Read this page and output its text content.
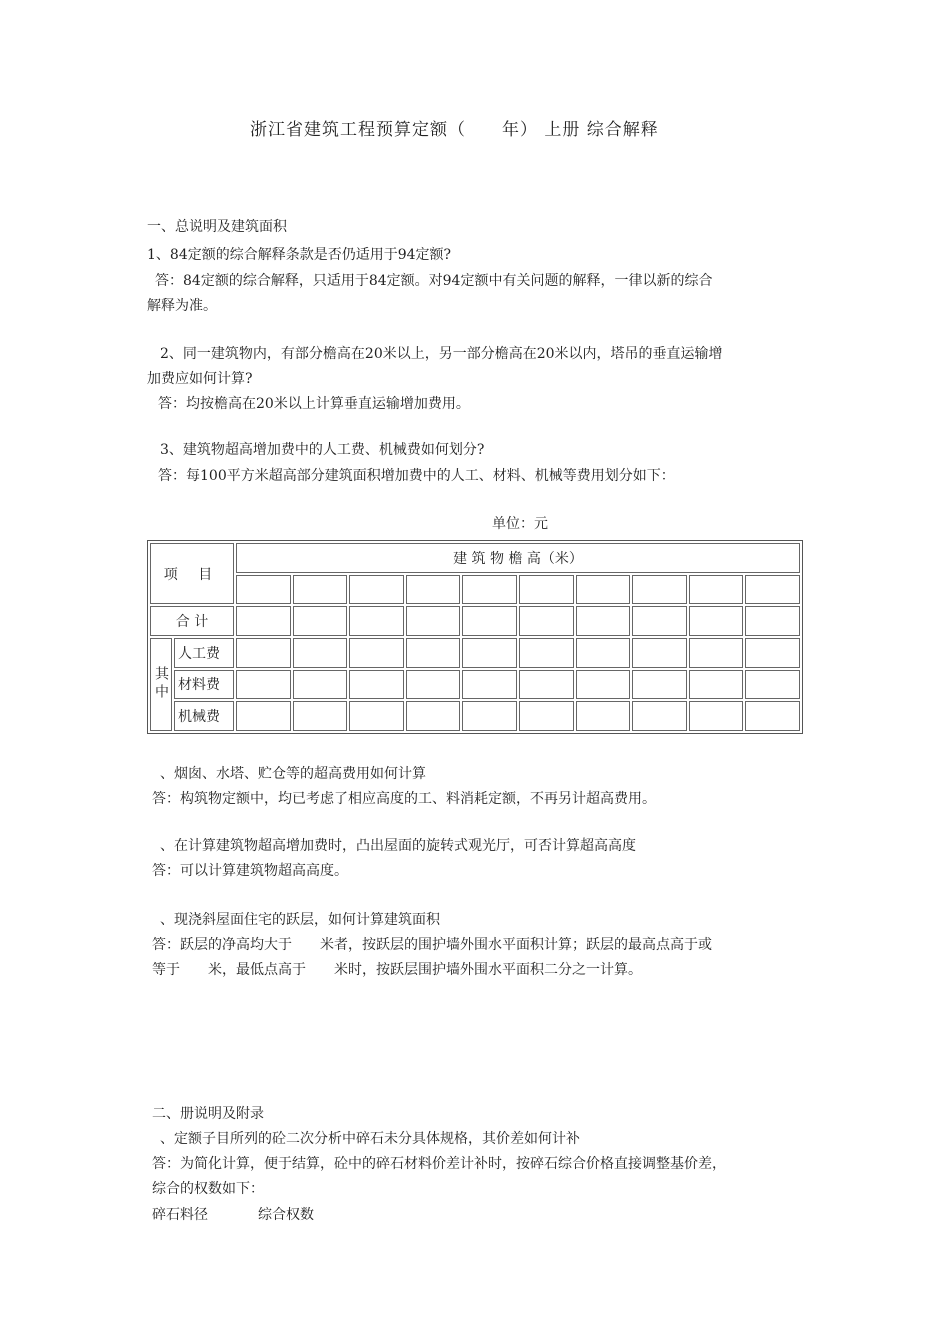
浙江省建筑工程预算定额（　　年） 上册 综合解释
一、总说明及建筑面积
1、84定额的综合解释条款是否仍适用于94定额?
答：84定额的综合解释，只适用于84定额。对94定额中有关问题的解释，一律以新的综合
解释为准。
2、同一建筑物内，有部分檐高在20米以上，另一部分檐高在20米以内，塔吊的垂直运输增
加费应如何计算?
答：均按檐高在20米以上计算垂直运输增加费用。
3、建筑物超高增加费中的人工费、机械费如何划分?
答：每100平方米超高部分建筑面积增加费中的人工、材料、机械等费用划分如下：
单位：元
项 目		建 筑 物 檐 高（米）									

合 计											
其中	人工费										
	材料费										
	机械费										
、烟囱、水塔、贮仓等的超高费用如何计算
答：构筑物定额中，均已考虑了相应高度的工、料消耗定额，不再另计超高费用。
、在计算建筑物超高增加费时，凸出屋面的旋转式观光厅，可否计算超高高度
答：可以计算建筑物超高高度。
、现浇斜屋面住宅的跃层，如何计算建筑面积
答：跃层的净高均大于　　米者，按跃层的围护墙外围水平面积计算；跃层的最高点高于或
等于　　米，最低点高于　　米时，按跃层围护墙外围水平面积二分之一计算。
二、册说明及附录
、定额子目所列的砼二次分析中碎石未分具体规格，其价差如何计补
答：为简化计算，便于结算，砼中的碎石材料价差计补时，按碎石综合价格直接调整基价差，
综合的权数如下：
碎石料径	综合权数
